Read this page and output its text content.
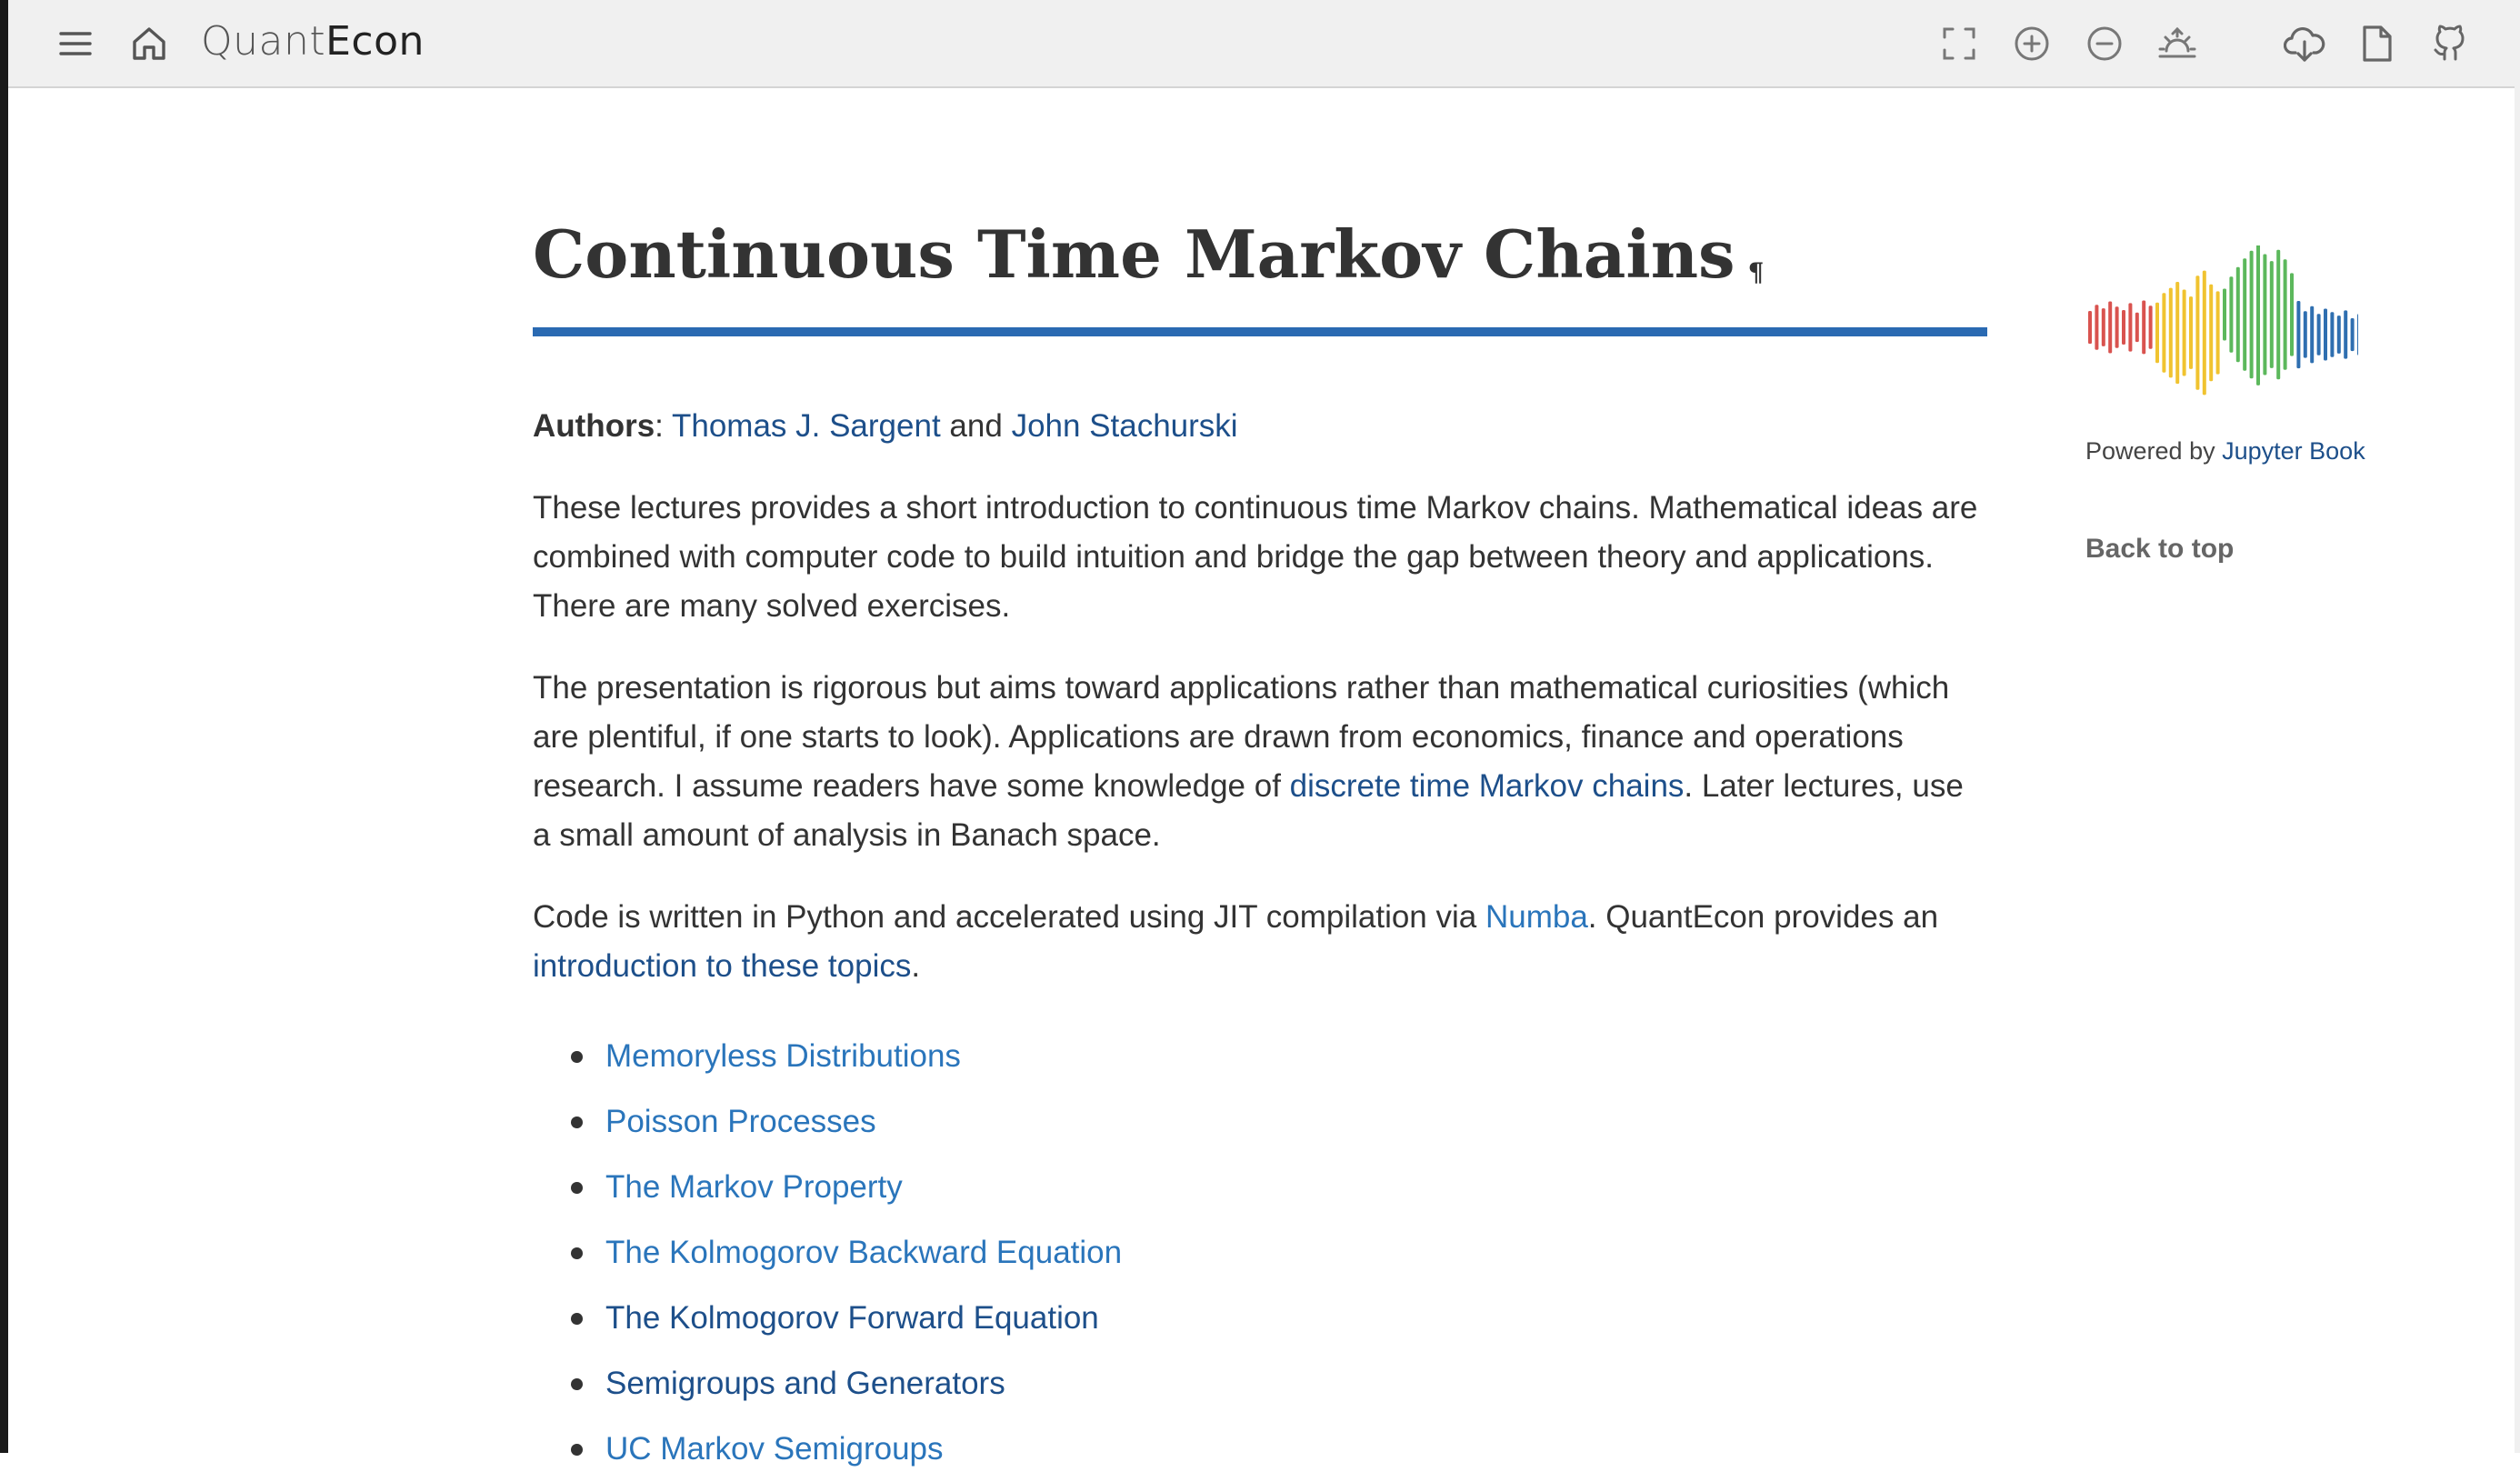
QuantEcon
Continuous Time Markov Chains ¶

Authors: Thomas J. Sargent and John Stachurski

These lectures provides a short introduction to continuous time Markov chains. Mathematical ideas are combined with computer code to build intuition and bridge the gap between theory and applications. There are many solved exercises.

The presentation is rigorous but aims toward applications rather than mathematical curiosities (which are plentiful, if one starts to look). Applications are drawn from economics, finance and operations research. I assume readers have some knowledge of discrete time Markov chains. Later lectures, use a small amount of analysis in Banach space.

Code is written in Python and accelerated using JIT compilation via Numba. QuantEcon provides an introduction to these topics.

Memoryless Distributions
Poisson Processes
The Markov Property
The Kolmogorov Backward Equation
The Kolmogorov Forward Equation
Semigroups and Generators
UC Markov Semigroups
Powered by Jupyter Book
Back to top
